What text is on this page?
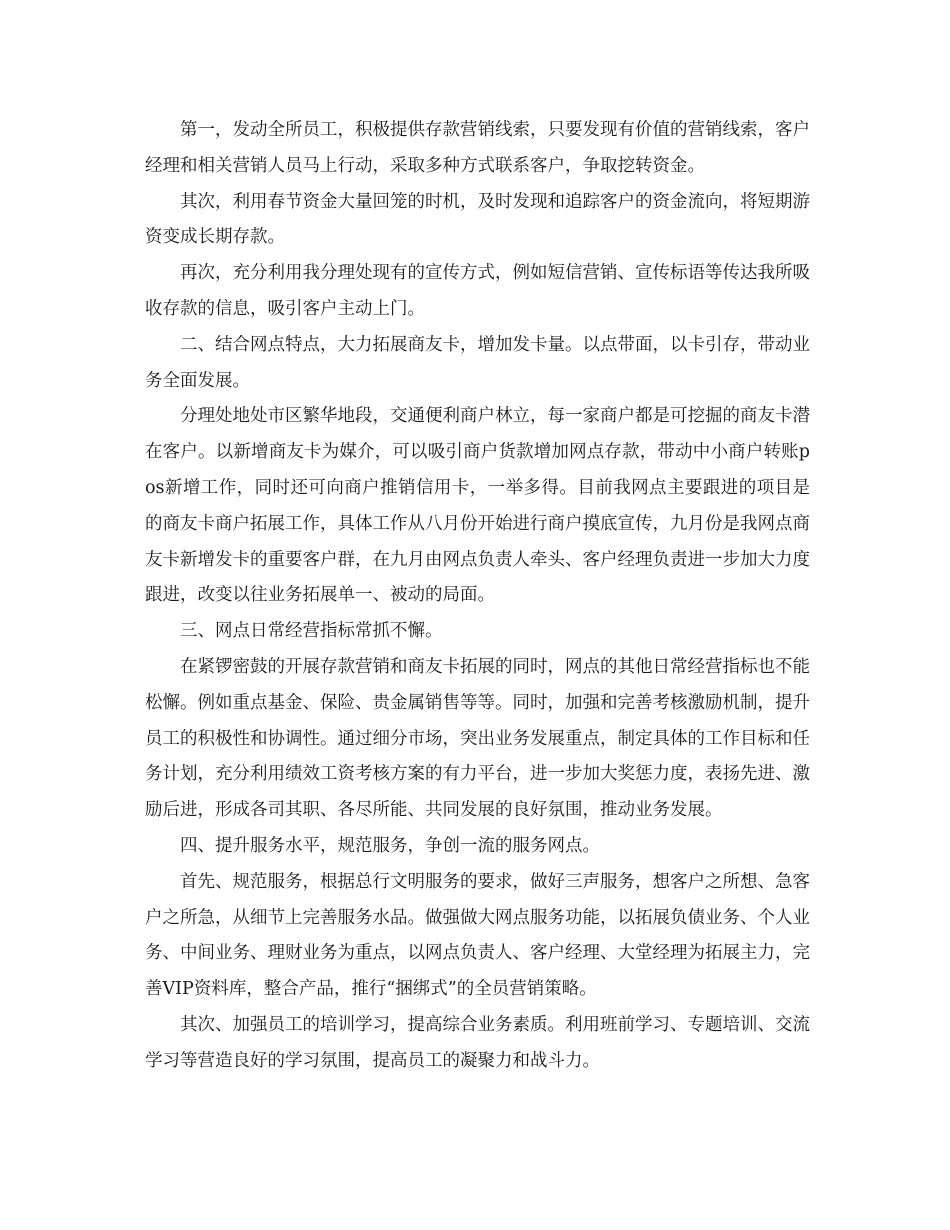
第一，发动全所员工，积极提供存款营销线索，只要发现有价值的营销线索，客户经理和相关营销人员马上行动，采取多种方式联系客户，争取挖转资金。

其次，利用春节资金大量回笼的时机，及时发现和追踪客户的资金流向，将短期游资变成长期存款。

再次，充分利用我分理处现有的宣传方式，例如短信营销、宣传标语等传达我所吸收存款的信息，吸引客户主动上门。

二、结合网点特点，大力拓展商友卡，增加发卡量。以点带面，以卡引存，带动业务全面发展。

分理处地处市区繁华地段，交通便利商户林立，每一家商户都是可挖掘的商友卡潜在客户。以新增商友卡为媒介，可以吸引商户货款增加网点存款，带动中小商户转账pos新增工作，同时还可向商户推销信用卡，一举多得。目前我网点主要跟进的项目是的商友卡商户拓展工作，具体工作从八月份开始进行商户摸底宣传，九月份是我网点商友卡新增发卡的重要客户群，在九月由网点负责人牵头、客户经理负责进一步加大力度跟进，改变以往业务拓展单一、被动的局面。

三、网点日常经营指标常抓不懈。

在紧锣密鼓的开展存款营销和商友卡拓展的同时，网点的其他日常经营指标也不能松懈。例如重点基金、保险、贵金属销售等等。同时，加强和完善考核激励机制，提升员工的积极性和协调性。通过细分市场，突出业务发展重点，制定具体的工作目标和任务计划，充分利用绩效工资考核方案的有力平台，进一步加大奖惩力度，表扬先进、激励后进，形成各司其职、各尽所能、共同发展的良好氛围，推动业务发展。

四、提升服务水平，规范服务，争创一流的服务网点。

首先、规范服务，根据总行文明服务的要求，做好三声服务，想客户之所想、急客户之所急，从细节上完善服务水品。做强做大网点服务功能，以拓展负债业务、个人业务、中间业务、理财业务为重点，以网点负责人、客户经理、大堂经理为拓展主力，完善VIP资料库，整合产品，推行“捆绑式”的全员营销策略。

其次、加强员工的培训学习，提高综合业务素质。利用班前学习、专题培训、交流学习等营造良好的学习氛围，提高员工的凝聚力和战斗力。
